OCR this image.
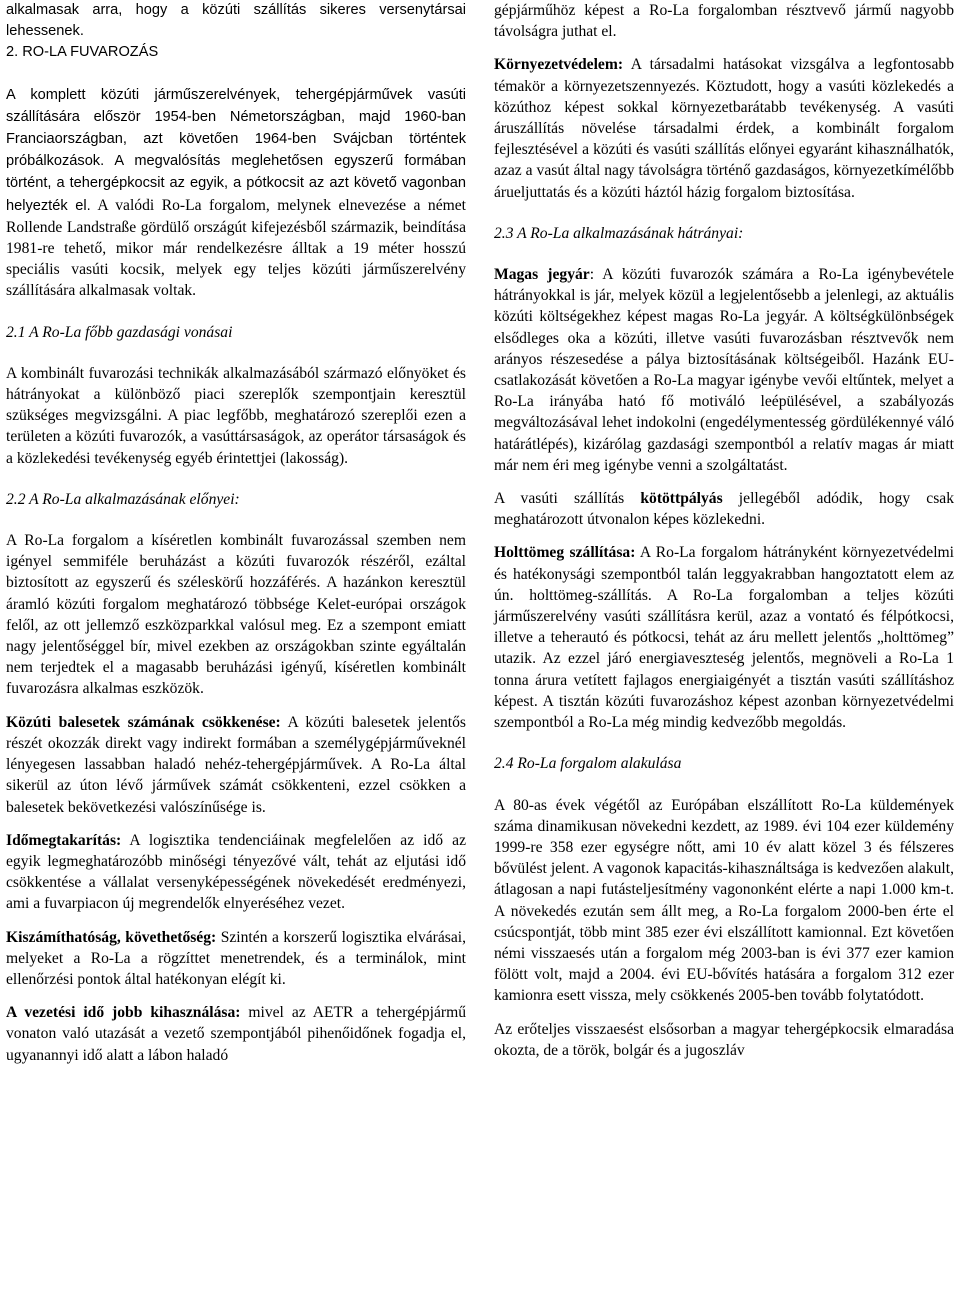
alkalmasak arra, hogy a közúti szállítás sikeres versenytársai lehessenek.

2. RO-LA FUVAROZÁS

A komplett közúti járműszerelvények, tehergépjárművek vasúti szállítására először 1954-ben Németországban, majd 1960-ban Franciaországban, azt követően 1964-ben Svájcban történtek próbálkozások. A megvalósítás meglehetősen egyszerű formában történt, a tehergépkocsit az egyik, a pótkocsit az azt követő vagonban helyezték el. A valódi Ro-La forgalom, melynek elnevezése a német Rollende Landstraße gördülő országút kifejezésből származik, beindítása 1981-re tehető, mikor már rendelkezésre álltak a 19 méter hosszú speciális vasúti kocsik, melyek egy teljes közúti járműszerelvény szállítására alkalmasak voltak.

2.1 A Ro-La főbb gazdasági vonásai

A kombinált fuvarozási technikák alkalmazásából származó előnyöket és hátrányokat a különböző piaci szereplők szempontjain keresztül szükséges megvizsgálni. A piac legfőbb, meghatározó szereplői ezen a területen a közúti fuvarozók, a vasúttársaságok, az operátor társaságok és a közlekedési tevékenység egyéb érintettjei (lakosság).

2.2 A Ro-La alkalmazásának előnyei:

A Ro-La forgalom a kíséretlen kombinált fuvarozással szemben nem igényel semmiféle beruházást a közúti fuvarozók részéről, ezáltal biztosított az egyszerű és széleskörű hozzáférés. A hazánkon keresztül áramló közúti forgalom meghatározó többsége Kelet-európai országok felől, az ott jellemző eszközparkkal valósul meg. Ez a szempont emiatt nagy jelentőséggel bír, mivel ezekben az országokban szinte egyáltalán nem terjedtek el a magasabb beruházási igényű, kíséretlen kombinált fuvarozásra alkalmas eszközök.

Közúti balesetek számának csökkenése: A közúti balesetek jelentős részét okozzák direkt vagy indirekt formában a személygépjárműveknél lényegesen lassabban haladó nehéz-tehergépjárművek. A Ro-La által sikerül az úton lévő járművek számát csökkenteni, ezzel csökken a balesetek bekövetkezési valószínűsége is.

Időmegtakarítás: A logisztika tendenciáinak megfelelően az idő az egyik legmeghatározóbb minőségi tényezővé vált, tehát az eljutási idő csökkentése a vállalat versenyképességének növekedését eredményezi, ami a fuvarpiacon új megrendelők elnyeréséhez vezet.

Kiszámíthatóság, követhetőség: Szintén a korszerű logisztika elvárásai, melyeket a Ro-La a rögzíttet menetrendek, és a terminálok, mint ellenőrzési pontok által hatékonyan elégít ki.

A vezetési idő jobb kihasználása: mivel az AETR a tehergépjármű vonaton való utazását a vezető szempontjából pihenőidőnek fogadja el, ugyanannyi idő alatt a lábon haladó

gépjárműhöz képest a Ro-La forgalomban résztvevő jármű nagyobb távolságra juthat el.

Környezetvédelem: A társadalmi hatásokat vizsgálva a legfontosabb témakör a környezetszennyezés. Köztudott, hogy a vasúti közlekedés a közúthoz képest sokkal környezetbarátabb tevékenység. A vasúti áruszállítás növelése társadalmi érdek, a kombinált forgalom fejlesztésével a közúti és vasúti szállítás előnyei egyaránt kihasználhatók, azaz a vasút által nagy távolságra történő gazdaságos, környezetkímélőbb árueljuttatás és a közúti háztól házig forgalom biztosítása.

2.3 A Ro-La alkalmazásának hátrányai:

Magas jegyár: A közúti fuvarozók számára a Ro-La igénybevétele hátrányokkal is jár, melyek közül a legjelentősebb a jelenlegi, az aktuális közúti költségekhez képest magas Ro-La jegyár. A költségkülönbségek elsődleges oka a közúti, illetve vasúti fuvarozásban résztvevők nem arányos részesedése a pálya biztosításának költségeiből. Hazánk EU-csatlakozását követően a Ro-La magyar igénybe vevői eltűntek, melyet a Ro-La irányába ható fő motiváló leépülésével, a szabályozás megváltozásával lehet indokolni (engedélymentesség gördülékennyé váló határátlépés), kizárólag gazdasági szempontból a relatív magas ár miatt már nem éri meg igénybe venni a szolgáltatást.

A vasúti szállítás kötöttpályás jellegéből adódik, hogy csak meghatározott útvonalon képes közlekedni.

Holttömeg szállítása: A Ro-La forgalom hátrányként környezetvédelmi és hatékonysági szempontból talán leggyakrabban hangoztatott elem az ún. holttömeg-szállítás. A Ro-La forgalomban a teljes közúti járműszerelvény vasúti szállításra kerül, azaz a vontató és félpótkocsi, illetve a teherautó és pótkocsi, tehát az áru mellett jelentős „holttömeg” utazik. Az ezzel járó energiaveszteség jelentős, megnöveli a Ro-La 1 tonna árura vetített fajlagos energiaigényét a tisztán vasúti szállításhoz képest. A tisztán közúti fuvarozáshoz képest azonban környezetvédelmi szempontból a Ro-La még mindig kedvezőbb megoldás.

2.4 Ro-La forgalom alakulása

A 80-as évek végétől az Európában elszállított Ro-La küldemények száma dinamikusan növekedni kezdett, az 1989. évi 104 ezer küldemény 1999-re 358 ezer egységre nőtt, ami 10 év alatt közel 3 és félszeres bővülést jelent. A vagonok kapacitás-kihasználtsága is kedvezően alakult, átlagosan a napi futásteljesítmény vagononként elérte a napi 1.000 km-t. A növekedés ezután sem állt meg, a Ro-La forgalom 2000-ben érte el csúcspontját, több mint 385 ezer évi elszállított kamionnal. Ezt követően némi visszaesés után a forgalom még 2003-ban is évi 377 ezer kamion fölött volt, majd a 2004. évi EU-bővítés hatására a forgalom 312 ezer kamionra esett vissza, mely csökkenés 2005-ben tovább folytatódott.

Az erőteljes visszaesést elsősorban a magyar tehergépkocsik elmaradása okozta, de a török, bolgár és a jugoszláv
